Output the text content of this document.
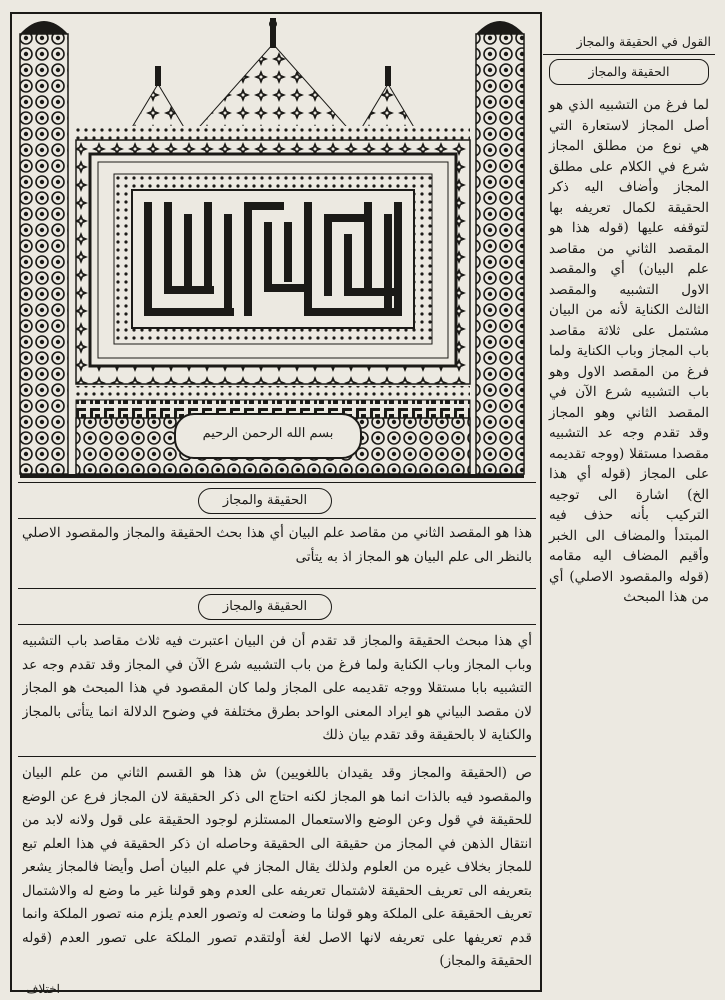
القول في الحقيقة والمجاز
الحقيقة والمجاز
لما فرغ من التشبيه الذي هو أصل المجاز لاستعارة التي هي نوع من مطلق المجاز شرع في الكلام على مطلق المجاز وأضاف اليه ذكر الحقيقة لكمال تعريفه بها لتوقفه عليها (قوله هذا هو المقصد الثاني من مقاصد علم البيان) أي والمقصد الاول التشبيه والمقصد الثالث الكناية لأنه من البيان مشتمل على ثلاثة مقاصد باب المجاز وباب الكناية ولما فرغ من المقصد الاول وهو باب التشبيه شرع الآن في المقصد الثاني وهو المجاز وقد تقدم وجه عد التشبيه مقصدا مستقلا (ووجه تقديمه على المجاز (قوله أي هذا الخ) اشارة الى توجيه التركيب بأنه حذف فيه المبتدأ والمضاف الى الخبر وأقيم المضاف اليه مقامه (قوله والمقصود الاصلي) أي من هذا المبحث
بسم الله الرحمن الرحيم
الحقيقة والمجاز
هذا هو المقصد الثاني من مقاصد علم البيان أي هذا بحث الحقيقة والمجاز والمقصود الاصلي بالنظر الى علم البيان هو المجاز اذ به يتأتى
الحقيقة والمجاز
أي هذا مبحث الحقيقة والمجاز قد تقدم أن فن البيان اعتبرت فيه ثلاث مقاصد باب التشبيه وباب المجاز وباب الكناية ولما فرغ من باب التشبيه شرع الآن في المجاز وقد تقدم وجه عد التشبيه بابا مستقلا ووجه تقديمه على المجاز ولما كان المقصود في هذا المبحث هو المجاز لان مقصد البياني هو ايراد المعنى الواحد بطرق مختلفة في وضوح الدلالة انما يتأتى بالمجاز والكناية لا بالحقيقة وقد تقدم بيان ذلك
ص (الحقيقة والمجاز وقد يقيدان باللغويين) ش هذا هو القسم الثاني من علم البيان والمقصود فيه بالذات انما هو المجاز لكنه احتاج الى ذكر الحقيقة لان المجاز فرع عن الوضع للحقيقة في قول وعن الوضع والاستعمال المستلزم لوجود الحقيقة على قول ولانه لابد من انتقال الذهن في المجاز من حقيقة الى الحقيقة وحاصله ان ذكر الحقيقة في هذا العلم تبع للمجاز بخلاف غيره من العلوم ولذلك يقال المجاز في علم البيان أصل وأيضا فالمجاز يشعر بتعريفه الى تعريف الحقيقة لاشتمال تعريفه على العدم وهو قولنا غير ما وضع له والاشتمال تعريف الحقيقة على الملكة وهو قولنا ما وضعت له وتصور العدم يلزم منه تصور الملكة وانما قدم تعريفها على تعريفه لانها الاصل لغة أولتقدم تصور الملكة على تصور العدم (قوله الحقيقة والمجاز)
اختلاف
